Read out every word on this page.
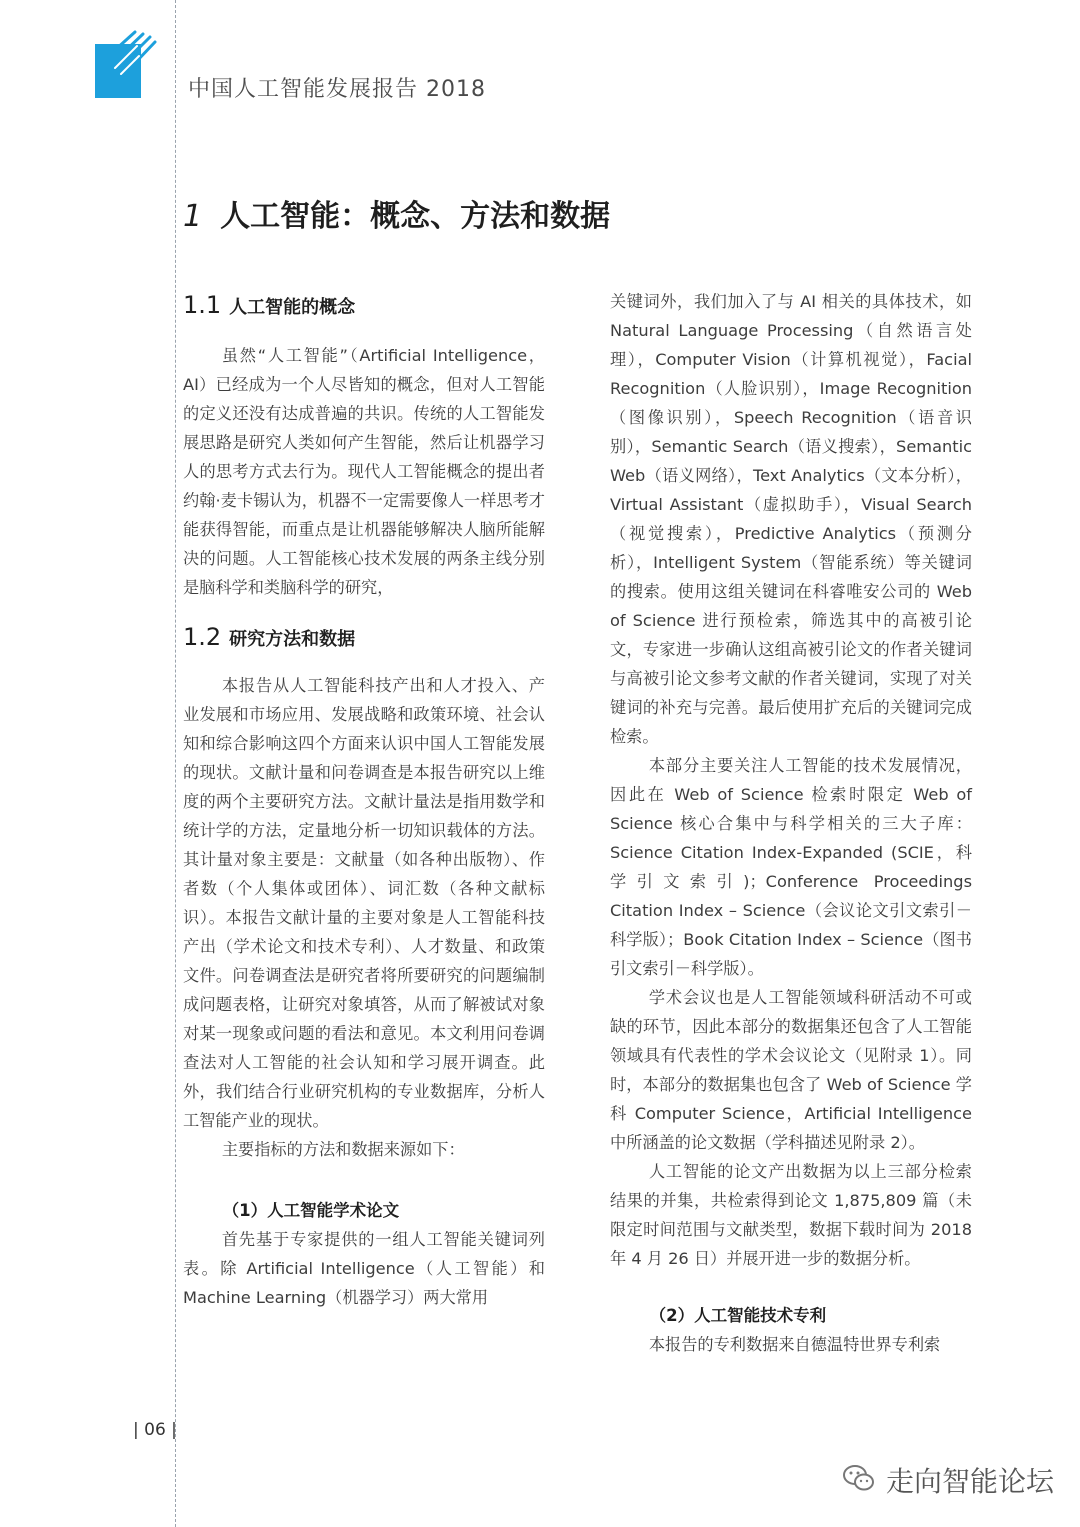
中国人工智能发展报告 2018
1 人工智能：概念、方法和数据
1.1 人工智能的概念

虽然“人工智能”（Artificial Intelligence，AI）已经成为一个人尽皆知的概念，但对人工智能的定义还没有达成普遍的共识。传统的人工智能发展思路是研究人类如何产生智能，然后让机器学习人的思考方式去行为。现代人工智能概念的提出者约翰·麦卡锡认为，机器不一定需要像人一样思考才能获得智能，而重点是让机器能够解决人脑所能解决的问题。人工智能核心技术发展的两条主线分别是脑科学和类脑科学的研究，

1.2 研究方法和数据

本报告从人工智能科技产出和人才投入、产业发展和市场应用、发展战略和政策环境、社会认知和综合影响这四个方面来认识中国人工智能发展的现状。文献计量和问卷调查是本报告研究以上维度的两个主要研究方法。文献计量法是指用数学和统计学的方法，定量地分析一切知识载体的方法。其计量对象主要是：文献量（如各种出版物）、作者数（个人集体或团体）、词汇数（各种文献标识）。本报告文献计量的主要对象是人工智能科技产出（学术论文和技术专利）、人才数量、和政策文件。问卷调查法是研究者将所要研究的问题编制成问题表格，让研究对象填答，从而了解被试对象对某一现象或问题的看法和意见。本文利用问卷调查法对人工智能的社会认知和学习展开调查。此外，我们结合行业研究机构的专业数据库，分析人工智能产业的现状。

主要指标的方法和数据来源如下：

（1）人工智能学术论文

首先基于专家提供的一组人工智能关键词列表。除 Artificial Intelligence（人工智能）和 Machine Learning（机器学习）两大常用

关键词外，我们加入了与 AI 相关的具体技术，如 Natural Language Processing（自然语言处理），Computer Vision（计算机视觉），Facial Recognition（人脸识别），Image Recognition（图像识别），Speech Recognition（语音识别），Semantic Search（语义搜索），Semantic Web（语义网络），Text Analytics（文本分析），Virtual Assistant（虚拟助手），Visual Search（视觉搜索），Predictive Analytics（预测分析），Intelligent System（智能系统）等关键词的搜索。使用这组关键词在科睿唯安公司的 Web of Science 进行预检索，筛选其中的高被引论文，专家进一步确认这组高被引论文的作者关键词与高被引论文参考文献的作者关键词，实现了对关键词的补充与完善。最后使用扩充后的关键词完成检索。

本部分主要关注人工智能的技术发展情况，因此在 Web of Science 检索时限定 Web of Science 核心合集中与科学相关的三大子库：Science Citation Index-Expanded (SCIE，科学引文索引)；Conference Proceedings Citation Index – Science（会议论文引文索引－科学版）；Book Citation Index – Science（图书引文索引－科学版）。

学术会议也是人工智能领域科研活动不可或缺的环节，因此本部分的数据集还包含了人工智能领域具有代表性的学术会议论文（见附录 1）。同时，本部分的数据集也包含了 Web of Science 学科 Computer Science，Artificial Intelligence 中所涵盖的论文数据（学科描述见附录 2）。

人工智能的论文产出数据为以上三部分检索结果的并集，共检索得到论文 1,875,809 篇（未限定时间范围与文献类型，数据下载时间为 2018 年 4 月 26 日）并展开进一步的数据分析。

（2）人工智能技术专利

本报告的专利数据来自德温特世界专利索

| 06 |
走向智能论坛
